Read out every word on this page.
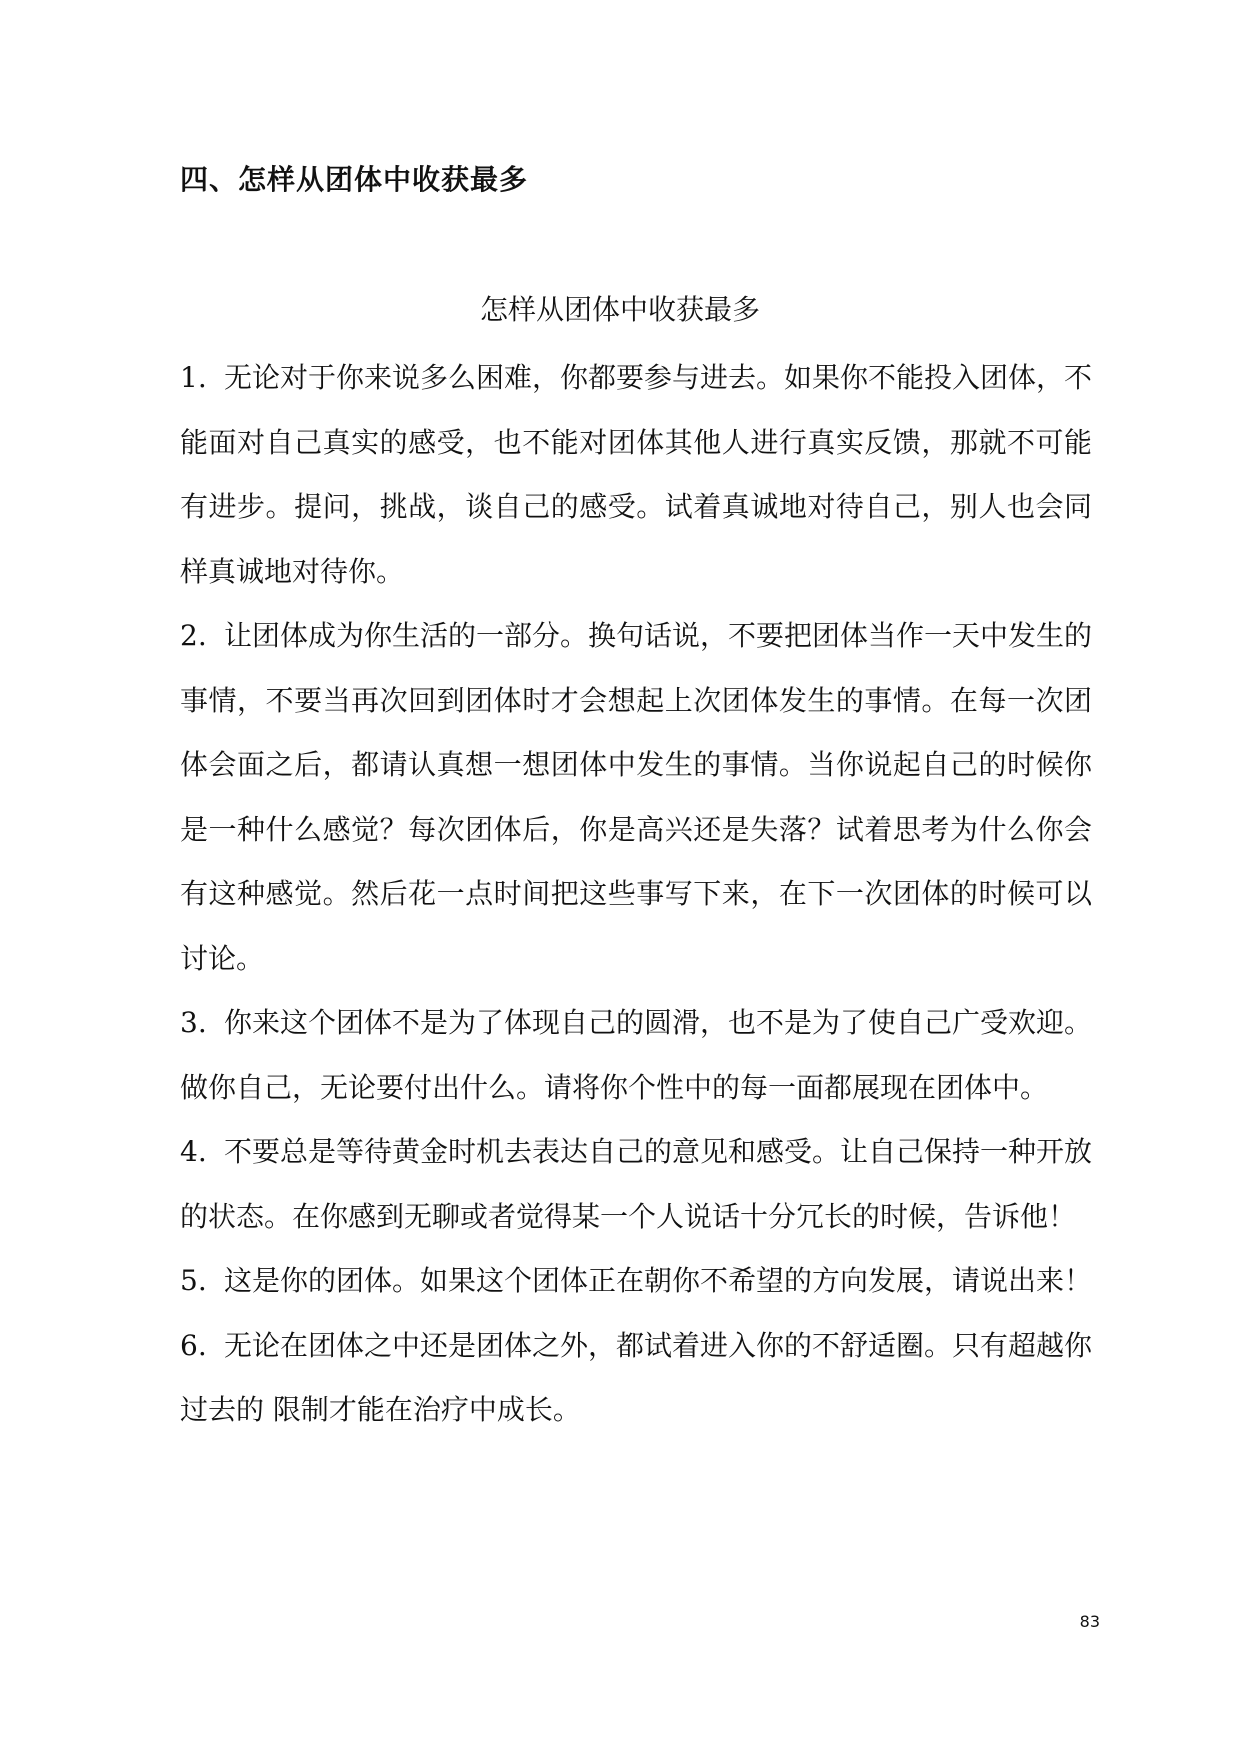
四、怎样从团体中收获最多
怎样从团体中收获最多

1. 无论对于你来说多么困难，你都要参与进去。如果你不能投入团体，不能面对自己真实的感受，也不能对团体其他人进行真实反馈，那就不可能有进步。提问，挑战，谈自己的感受。试着真诚地对待自己，别人也会同样真诚地对待你。

2. 让团体成为你生活的一部分。换句话说，不要把团体当作一天中发生的事情，不要当再次回到团体时才会想起上次团体发生的事情。在每一次团体会面之后，都请认真想一想团体中发生的事情。当你说起自己的时候你是一种什么感觉？每次团体后，你是高兴还是失落？试着思考为什么你会有这种感觉。然后花一点时间把这些事写下来，在下一次团体的时候可以讨论。

3. 你来这个团体不是为了体现自己的圆滑，也不是为了使自己广受欢迎。做你自己，无论要付出什么。请将你个性中的每一面都展现在团体中。

4. 不要总是等待黄金时机去表达自己的意见和感受。让自己保持一种开放的状态。在你感到无聊或者觉得某一个人说话十分冗长的时候，告诉他！

5. 这是你的团体。如果这个团体正在朝你不希望的方向发展，请说出来！

6. 无论在团体之中还是团体之外，都试着进入你的不舒适圈。只有超越你过去的 限制才能在治疗中成长。

83
